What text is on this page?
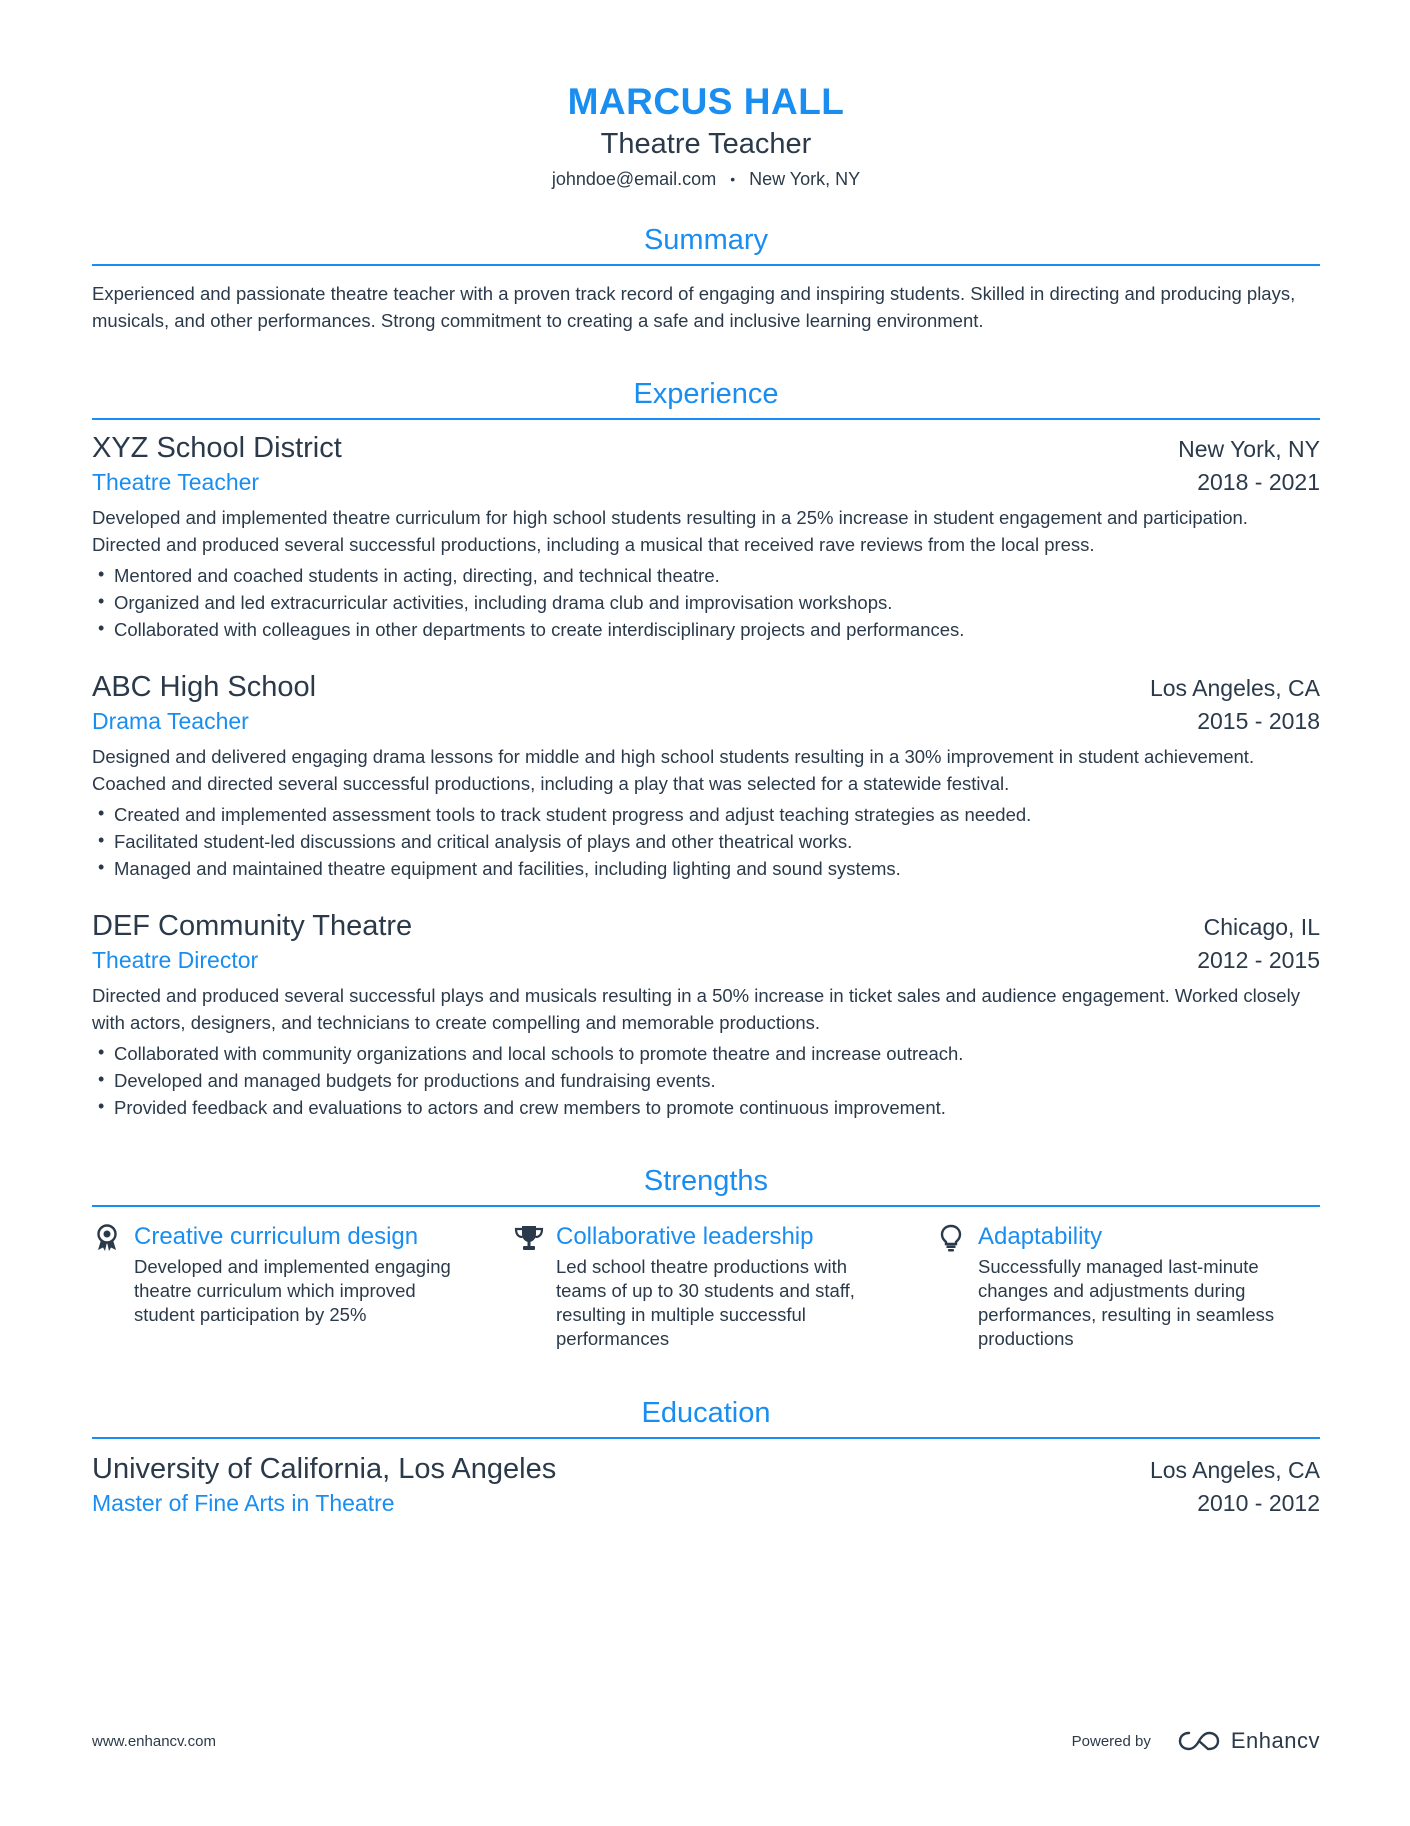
MARCUS HALL
Theatre Teacher
johndoe@email.com • New York, NY
Summary
Experienced and passionate theatre teacher with a proven track record of engaging and inspiring students. Skilled in directing and producing plays, musicals, and other performances. Strong commitment to creating a safe and inclusive learning environment.
Experience
XYZ School District	New York, NY
Theatre Teacher	2018 - 2021
Developed and implemented theatre curriculum for high school students resulting in a 25% increase in student engagement and participation. Directed and produced several successful productions, including a musical that received rave reviews from the local press.
• Mentored and coached students in acting, directing, and technical theatre.
• Organized and led extracurricular activities, including drama club and improvisation workshops.
• Collaborated with colleagues in other departments to create interdisciplinary projects and performances.
ABC High School	Los Angeles, CA
Drama Teacher	2015 - 2018
Designed and delivered engaging drama lessons for middle and high school students resulting in a 30% improvement in student achievement. Coached and directed several successful productions, including a play that was selected for a statewide festival.
• Created and implemented assessment tools to track student progress and adjust teaching strategies as needed.
• Facilitated student-led discussions and critical analysis of plays and other theatrical works.
• Managed and maintained theatre equipment and facilities, including lighting and sound systems.
DEF Community Theatre	Chicago, IL
Theatre Director	2012 - 2015
Directed and produced several successful plays and musicals resulting in a 50% increase in ticket sales and audience engagement. Worked closely with actors, designers, and technicians to create compelling and memorable productions.
• Collaborated with community organizations and local schools to promote theatre and increase outreach.
• Developed and managed budgets for productions and fundraising events.
• Provided feedback and evaluations to actors and crew members to promote continuous improvement.
Strengths
Creative curriculum design
Developed and implemented engaging theatre curriculum which improved student participation by 25%
Collaborative leadership
Led school theatre productions with teams of up to 30 students and staff, resulting in multiple successful performances
Adaptability
Successfully managed last-minute changes and adjustments during performances, resulting in seamless productions
Education
University of California, Los Angeles	Los Angeles, CA
Master of Fine Arts in Theatre	2010 - 2012
www.enhancv.com	Powered by	Enhancv
